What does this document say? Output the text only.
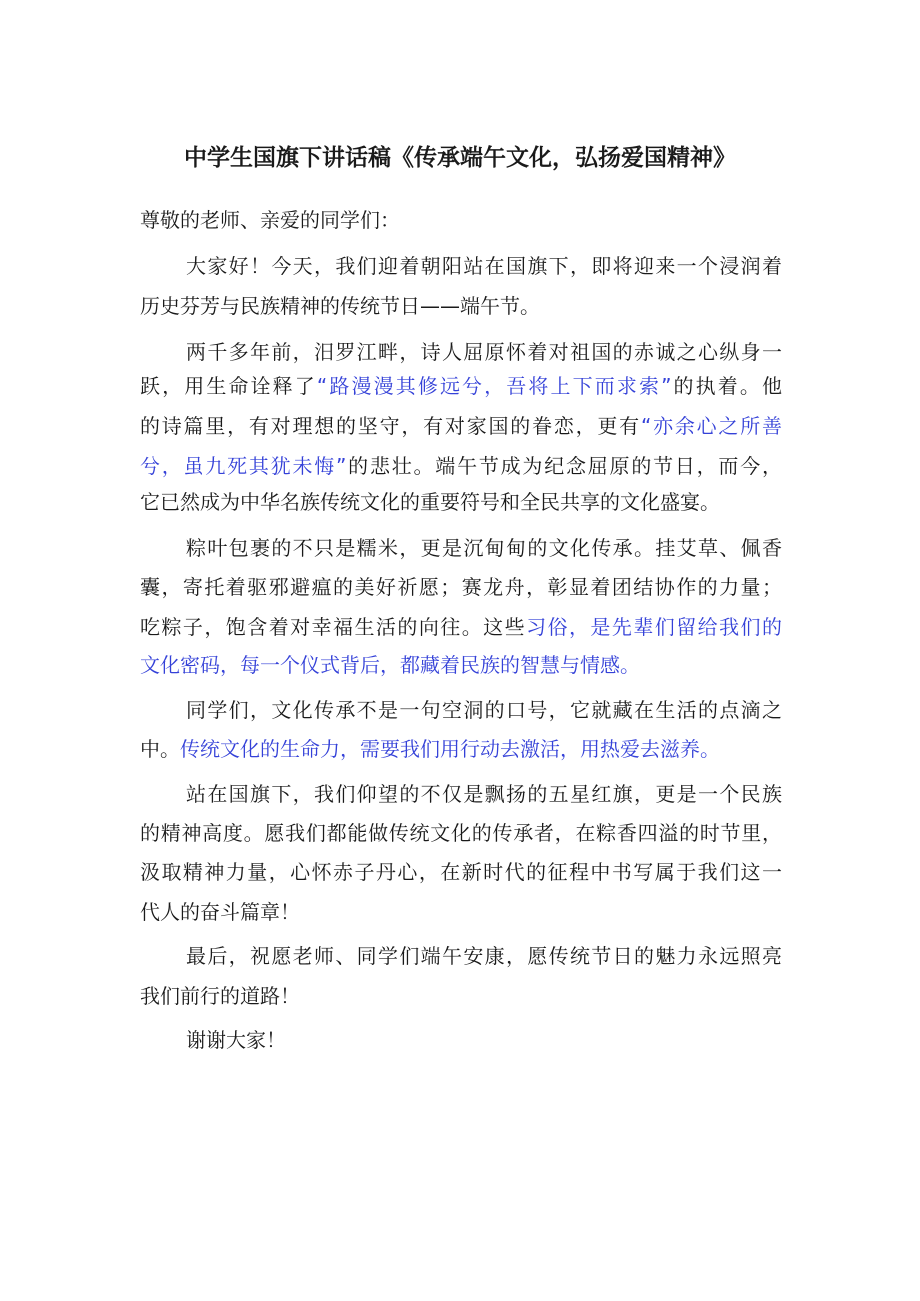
中学生国旗下讲话稿《传承端午文化，弘扬爱国精神》
尊敬的老师、亲爱的同学们：
大家好！今天，我们迎着朝阳站在国旗下，即将迎来一个浸润着
历史芬芳与民族精神的传统节日——端午节。
两千多年前，汨罗江畔，诗人屈原怀着对祖国的赤诚之心纵身一
跃，用生命诠释了“路漫漫其修远兮，吾将上下而求索”的执着。他
的诗篇里，有对理想的坚守，有对家国的眷恋，更有“亦余心之所善
兮，虽九死其犹未悔”的悲壮。端午节成为纪念屈原的节日，而今，
它已然成为中华名族传统文化的重要符号和全民共享的文化盛宴。
粽叶包裹的不只是糯米，更是沉甸甸的文化传承。挂艾草、佩香
囊，寄托着驱邪避瘟的美好祈愿；赛龙舟，彰显着团结协作的力量；
吃粽子，饱含着对幸福生活的向往。这些习俗，是先辈们留给我们的
文化密码，每一个仪式背后，都藏着民族的智慧与情感。
同学们，文化传承不是一句空洞的口号，它就藏在生活的点滴之
中。传统文化的生命力，需要我们用行动去激活，用热爱去滋养。
站在国旗下，我们仰望的不仅是飘扬的五星红旗，更是一个民族
的精神高度。愿我们都能做传统文化的传承者，在粽香四溢的时节里，
汲取精神力量，心怀赤子丹心，在新时代的征程中书写属于我们这一
代人的奋斗篇章！
最后，祝愿老师、同学们端午安康，愿传统节日的魅力永远照亮
我们前行的道路！
谢谢大家！
